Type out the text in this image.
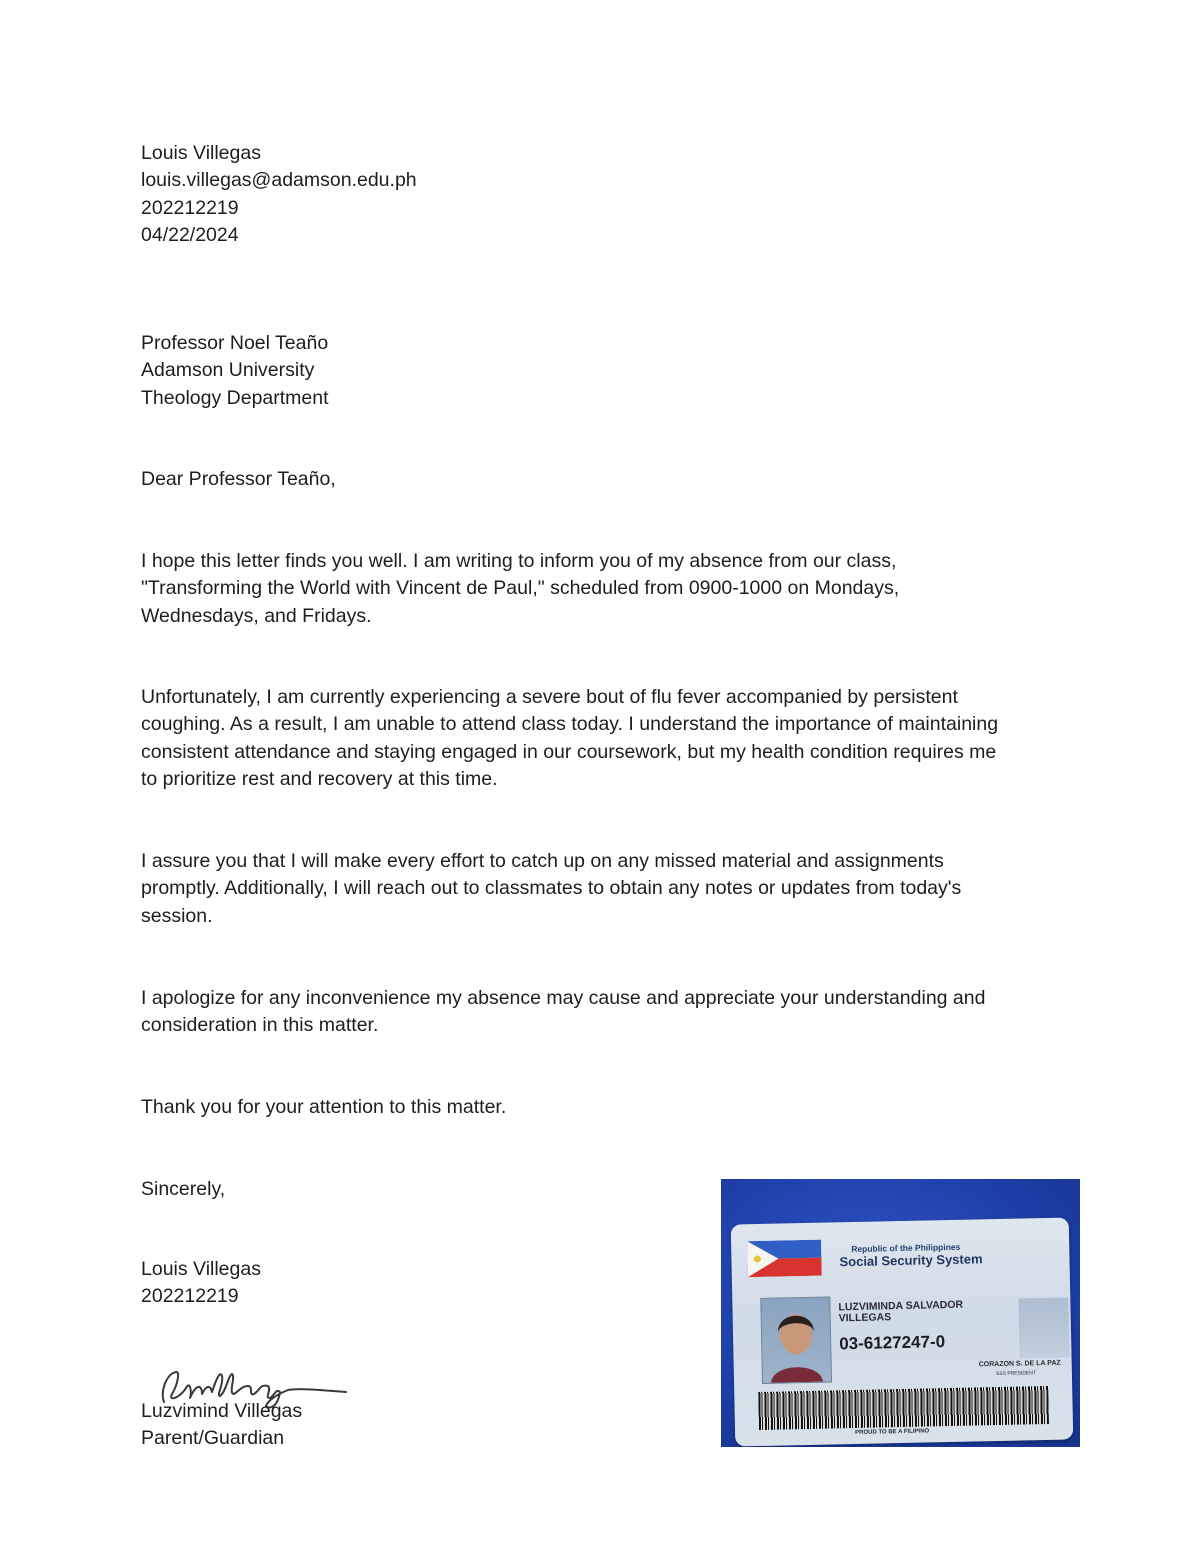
Louis Villegas
louis.villegas@adamson.edu.ph
202212219
04/22/2024
Professor Noel Teaño
Adamson University
Theology Department
Dear Professor Teaño,
I hope this letter finds you well. I am writing to inform you of my absence from our class,
"Transforming the World with Vincent de Paul," scheduled from 0900-1000 on Mondays,
Wednesdays, and Fridays.
Unfortunately, I am currently experiencing a severe bout of flu fever accompanied by persistent
coughing. As a result, I am unable to attend class today. I understand the importance of maintaining
consistent attendance and staying engaged in our coursework, but my health condition requires me
to prioritize rest and recovery at this time.
I assure you that I will make every effort to catch up on any missed material and assignments
promptly. Additionally, I will reach out to classmates to obtain any notes or updates from today's
session.
I apologize for any inconvenience my absence may cause and appreciate your understanding and
consideration in this matter.
Thank you for your attention to this matter.
Sincerely,
Louis Villegas
202212219
Luzvimind Villegas
Parent/Guardian
Republic of the Philippines
Social Security System
LUZVIMINDA SALVADOR
VILLEGAS
03-6127247-0
CORAZON S. DE LA PAZ
SSS PRESIDENT
PROUD TO BE A FILIPINO
